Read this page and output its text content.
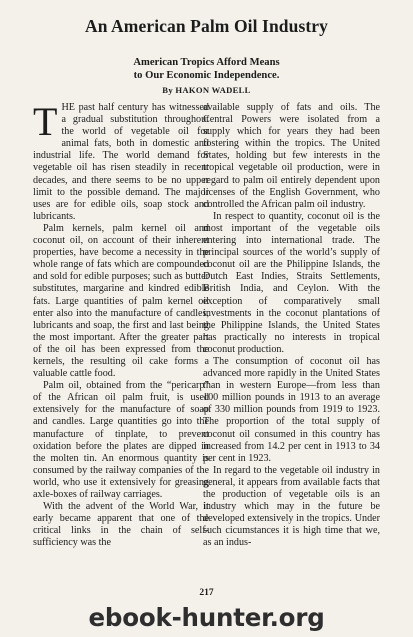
An American Palm Oil Industry
American Tropics Afford Means
to Our Economic Independence.
By HAKON WADELL

THE past half century has witnessed a gradual substitution throughout the world of vegetable oil for animal fats, both in domestic and industrial life. The world demand for vegetable oil has risen steadily in recent decades, and there seems to be no upper limit to the possible demand. The major uses are for edible oils, soap stock and lubricants.

Palm kernels, palm kernel oil and coconut oil, on account of their inherent properties, have become a necessity in the whole range of fats which are compounded and sold for edible purposes; such as butter substitutes, margarine and kindred edible fats. Large quantities of palm kernel oil enter also into the manufacture of candles, lubricants and soap, the first and last being the most important. After the greater part of the oil has been expressed from the kernels, the resulting oil cake forms a valuable cattle food.

Palm oil, obtained from the “pericarp” of the African oil palm fruit, is used extensively for the manufacture of soap and candles. Large quantities go into the manufacture of tinplate, to prevent oxidation before the plates are dipped in the molten tin. An enormous quantity is consumed by the railway companies of the world, who use it extensively for greasing axle-boxes of railway carriages.

With the advent of the World War, it early became apparent that one of the critical links in the chain of self-sufficiency was the

available supply of fats and oils. The Central Powers were isolated from a supply which for years they had been fostering within the tropics. The United States, holding but few interests in the tropical vegetable oil production, were in regard to palm oil entirely dependent upon licenses of the English Government, who controlled the African palm oil industry.

In respect to quantity, coconut oil is the most important of the vegetable oils entering into international trade. The principal sources of the world’s supply of coconut oil are the Philippine Islands, the Dutch East Indies, Straits Settlements, British India, and Ceylon. With the exception of comparatively small investments in the coconut plantations of the Philippine Islands, the United States has practically no interests in tropical coconut production.

The consumption of coconut oil has advanced more rapidly in the United States than in western Europe—from less than 100 million pounds in 1913 to an average of 330 million pounds from 1919 to 1923. The proportion of the total supply of coconut oil consumed in this country has increased from 14.2 per cent in 1913 to 34 per cent in 1923.

In regard to the vegetable oil industry in general, it appears from available facts that the production of vegetable oils is an industry which may in the future be developed extensively in the tropics. Under such cicumstances it is high time that we, as an indus-

217
ebook-hunter.org
